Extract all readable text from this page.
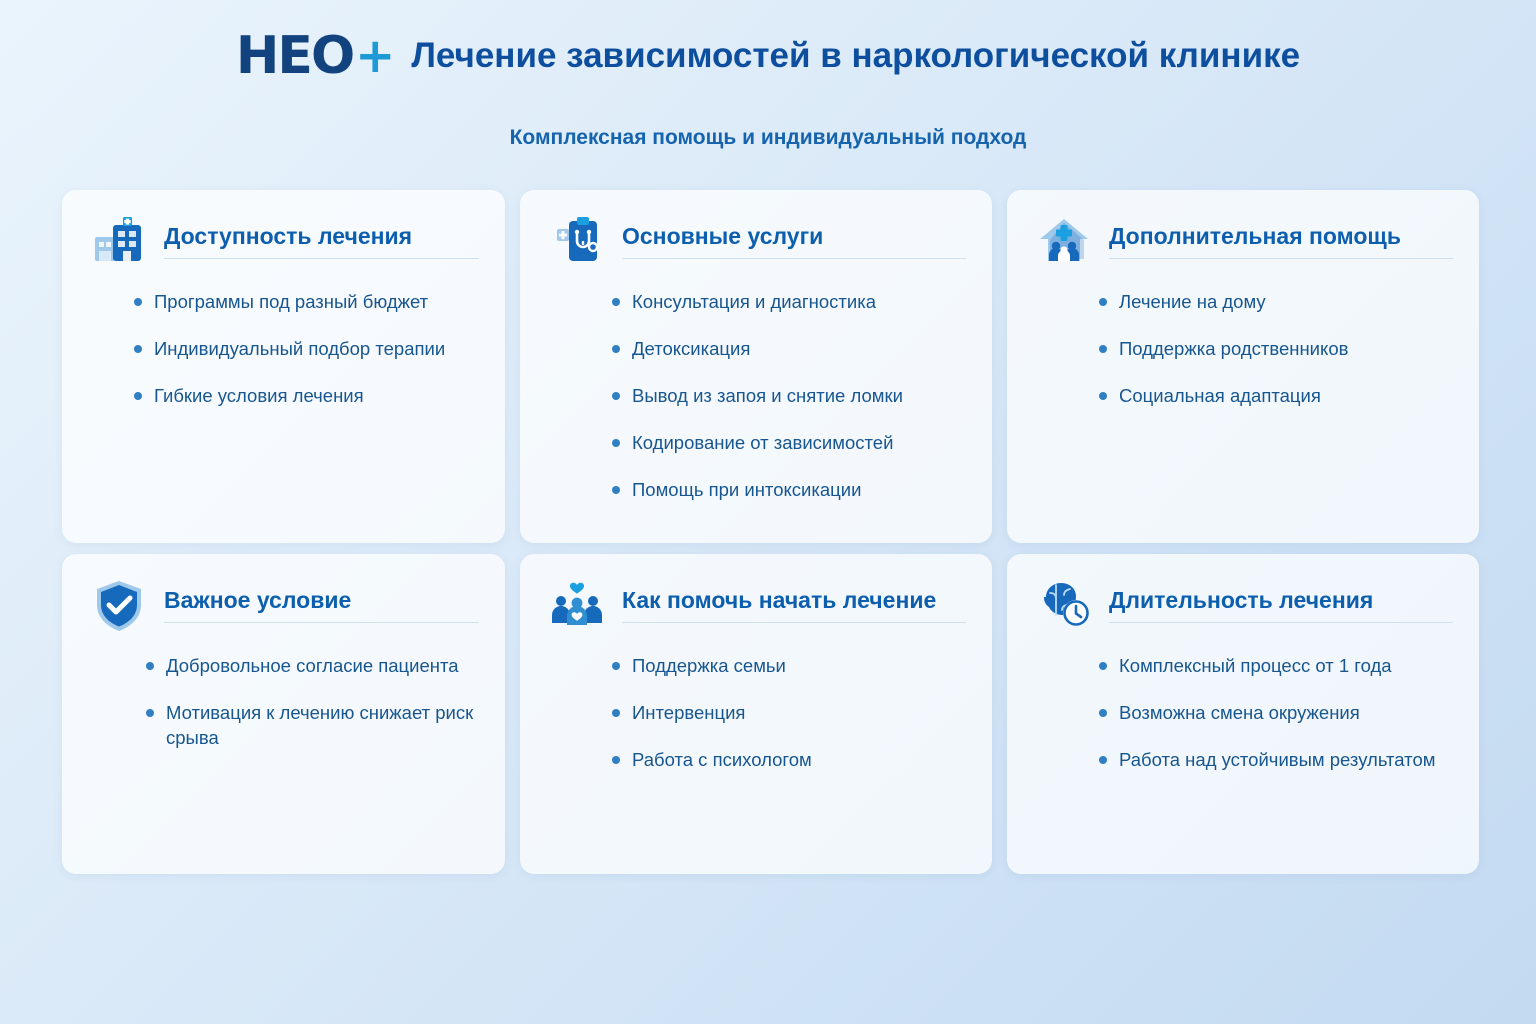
HEO + Лечение зависимостей в наркологической клинике
Комплексная помощь и индивидуальный подход
Доступность лечения
Программы под разный бюджет
Индивидуальный подбор терапии
Гибкие условия лечения
Основные услуги
Консультация и диагностика
Детоксикация
Вывод из запоя и снятие ломки
Кодирование от зависимостей
Помощь при интоксикации
Дополнительная помощь
Лечение на дому
Поддержка родственников
Социальная адаптация
Важное условие
Добровольное согласие пациента
Мотивация к лечению снижает риск срыва
Как помочь начать лечение
Поддержка семьи
Интервенция
Работа с психологом
Длительность лечения
Комплексный процесс от 1 года
Возможна смена окружения
Работа над устойчивым результатом
